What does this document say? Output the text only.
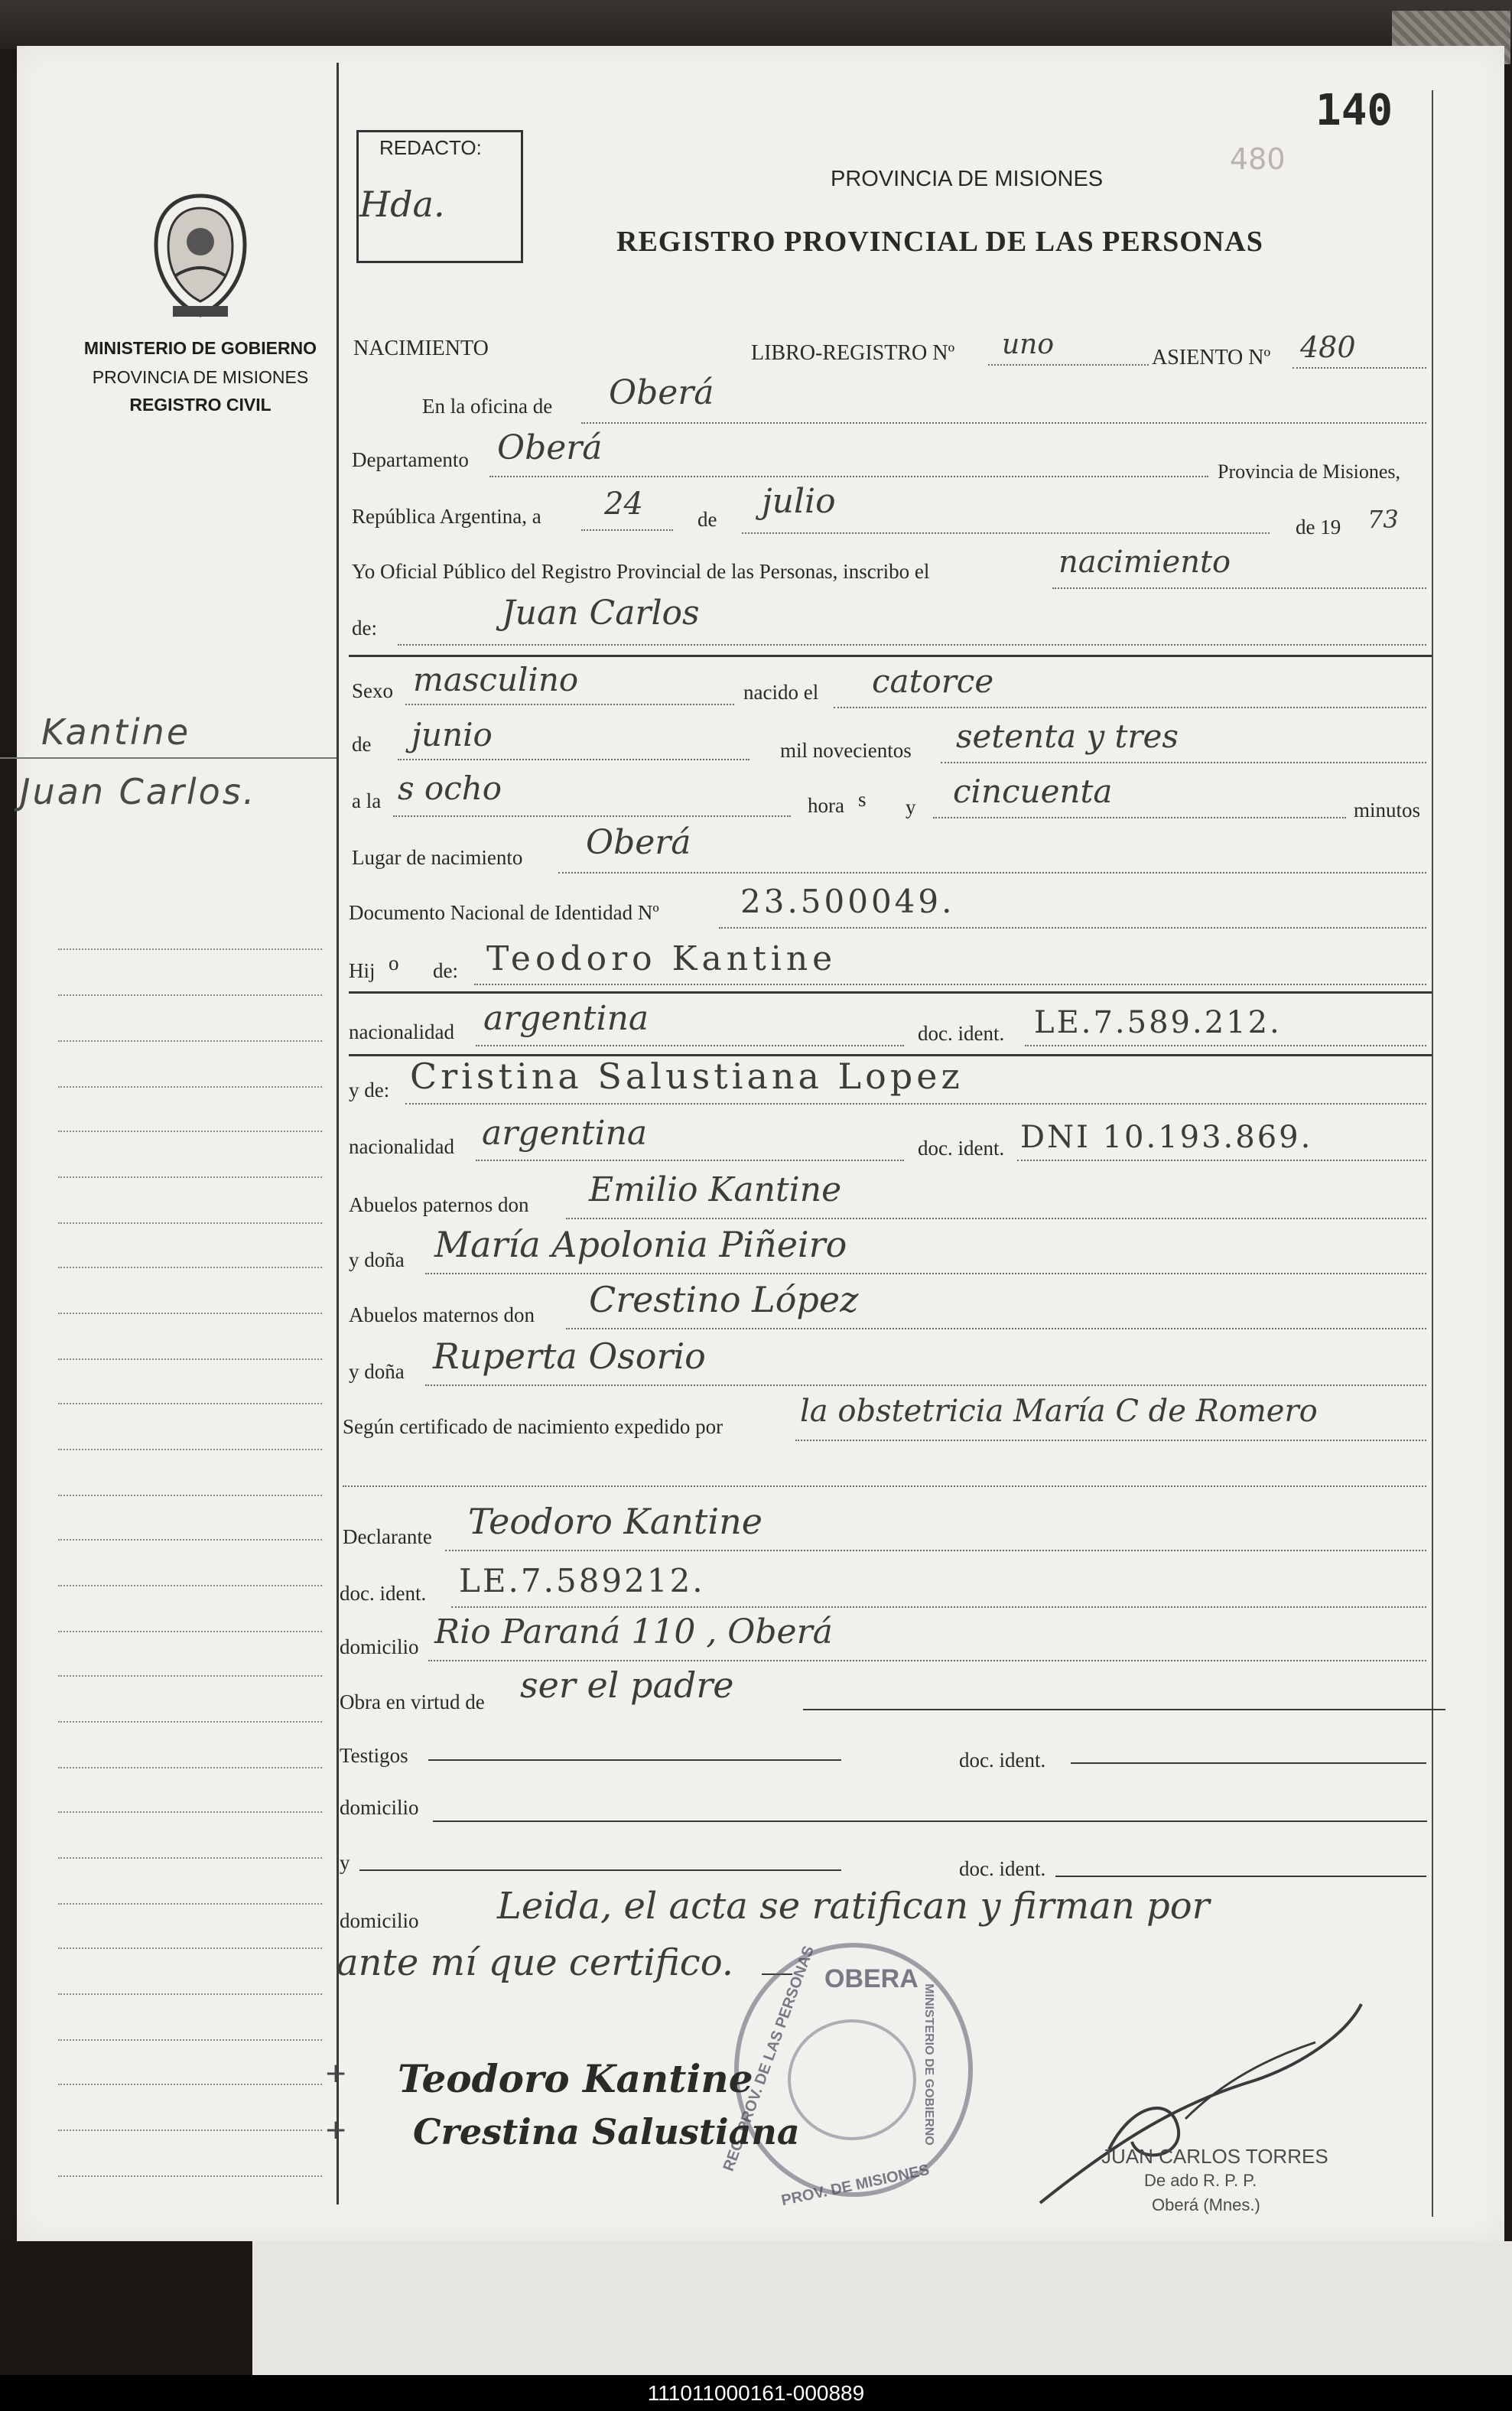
111011000161-000889
140
480
MINISTERIO DE GOBIERNO
PROVINCIA DE MISIONES
REGISTRO CIVIL
Kantine
Juan Carlos.
REDACTO:
Hda.
PROVINCIA DE MISIONES
REGISTRO PROVINCIAL DE LAS PERSONAS
NACIMIENTO	LIBRO-REGISTRO Nº uno	ASIENTO Nº 480
En la oficina de Oberá
Departamento Oberá
Provincia de Misiones,
República Argentina, a 24	de julio
de 19 73
Yo Oficial Público del Registro Provincial de las Personas, inscribo el	nacimiento
de:	Juan Carlos
Sexo masculino	nacido el catorce
de junio	mil novecientos setenta y tres
a la s ocho	hora s y cincuenta	minutos
Lugar de nacimiento Oberá
Documento Nacional de Identidad Nº	23.500049.
Hij o de: Teodoro Kantine
nacionalidad argentina	doc. ident. LE.7.589.212.
y de: Cristina Salustiana Lopez
nacionalidad argentina	doc. ident. DNI 10.193.869.
Abuelos paternos don Emilio Kantine
y doña María Apolonia Piñeiro
Abuelos maternos don Crestino López
y doña Ruperta Osorio
Según certificado de nacimiento expedido por	la obstetricia María C de Romero
Declarante Teodoro Kantine
doc. ident. LE.7.589212.
domicilio Rio Paraná 110 , Oberá
Obra en virtud de ser el padre
Testigos	doc. ident.
domicilio
y	doc. ident.
domicilio Leida, el acta se ratifican y firman por
ante mí que certifico.	OBERA
REG. PROV. DE LAS PERSONAS
PROV. DE MISIONES
MINISTERIO DE GOBIERNO
Teodoro Kantine
Crestina Salustiana
+
+
JUAN CARLOS TORRES
De ado R. P. P.
Oberá (Mnes.)
